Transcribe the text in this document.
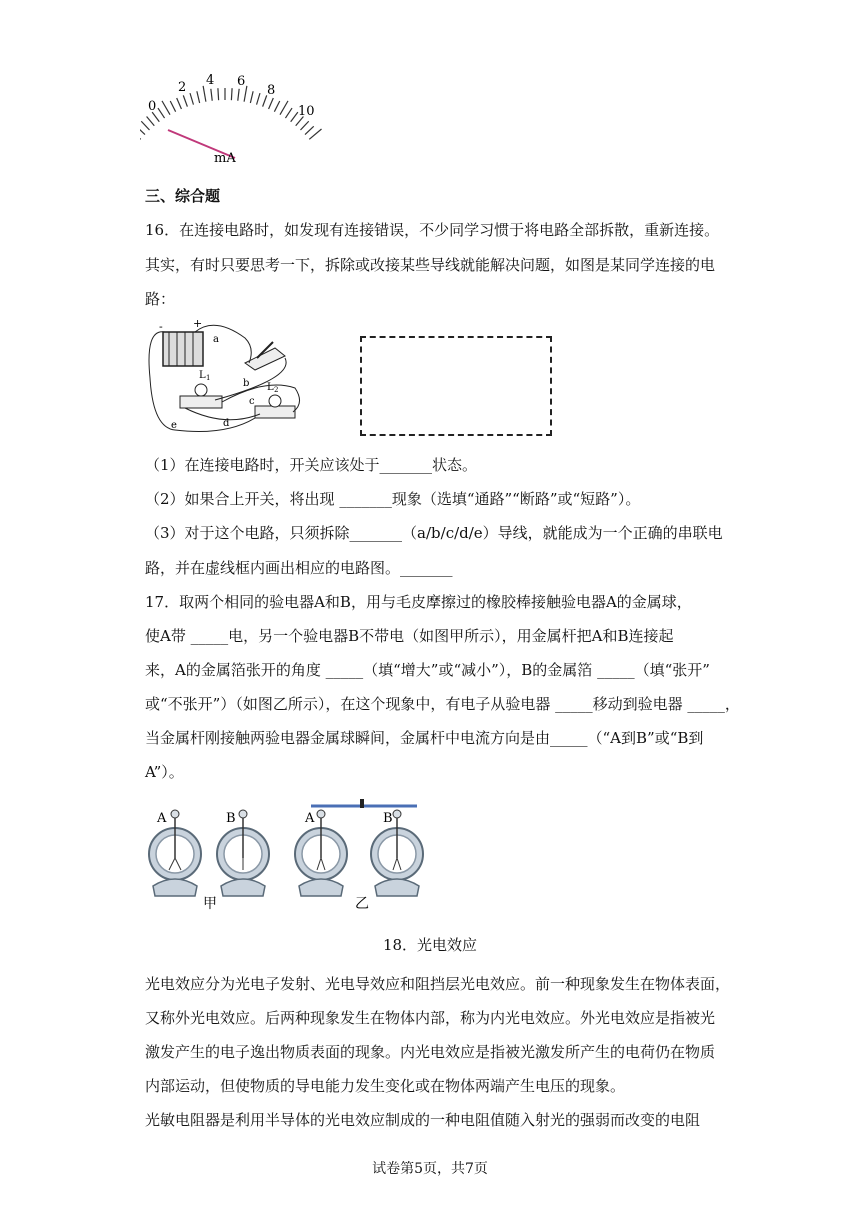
0
2 4 6
8
10
mA
三、综合题
16．在连接电路时，如发现有连接错误，不少同学习惯于将电路全部拆散，重新连接。
其实，有时只要思考一下，拆除或改接某些导线就能解决问题，如图是某同学连接的电
路：
-	+
L 1
L 2
a
b
c
d
e
（1）在连接电路时，开关应该处于_______状态。
（2）如果合上开关，将出现 _______现象（选填“通路”“断路”或“短路”）。
（3）对于这个电路，只须拆除_______（a/b/c/d/e）导线，就能成为一个正确的串联电
路，并在虚线框内画出相应的电路图。_______
17．取两个相同的验电器A和B，用与毛皮摩擦过的橡胶棒接触验电器A的金属球，
使A带 _____电，另一个验电器B不带电（如图甲所示），用金属杆把A和B连接起
来，A的金属箔张开的角度 _____（填“增大”或“减小”），B的金属箔 _____（填“张开”
或“不张开”）（如图乙所示），在这个现象中，有电子从验电器 _____移动到验电器 _____，
当金属杆刚接触两验电器金属球瞬间，金属杆中电流方向是由_____（“A到B”或“B到
A”）。
A	B	A	B
甲	乙
18．光电效应
光电效应分为光电子发射、光电导效应和阻挡层光电效应。前一种现象发生在物体表面，
又称外光电效应。后两种现象发生在物体内部，称为内光电效应。外光电效应是指被光
激发产生的电子逸出物质表面的现象。内光电效应是指被光激发所产生的电荷仍在物质
内部运动，但使物质的导电能力发生变化或在物体两端产生电压的现象。
光敏电阻器是利用半导体的光电效应制成的一种电阻值随入射光的强弱而改变的电阻
试卷第5页，共7页
